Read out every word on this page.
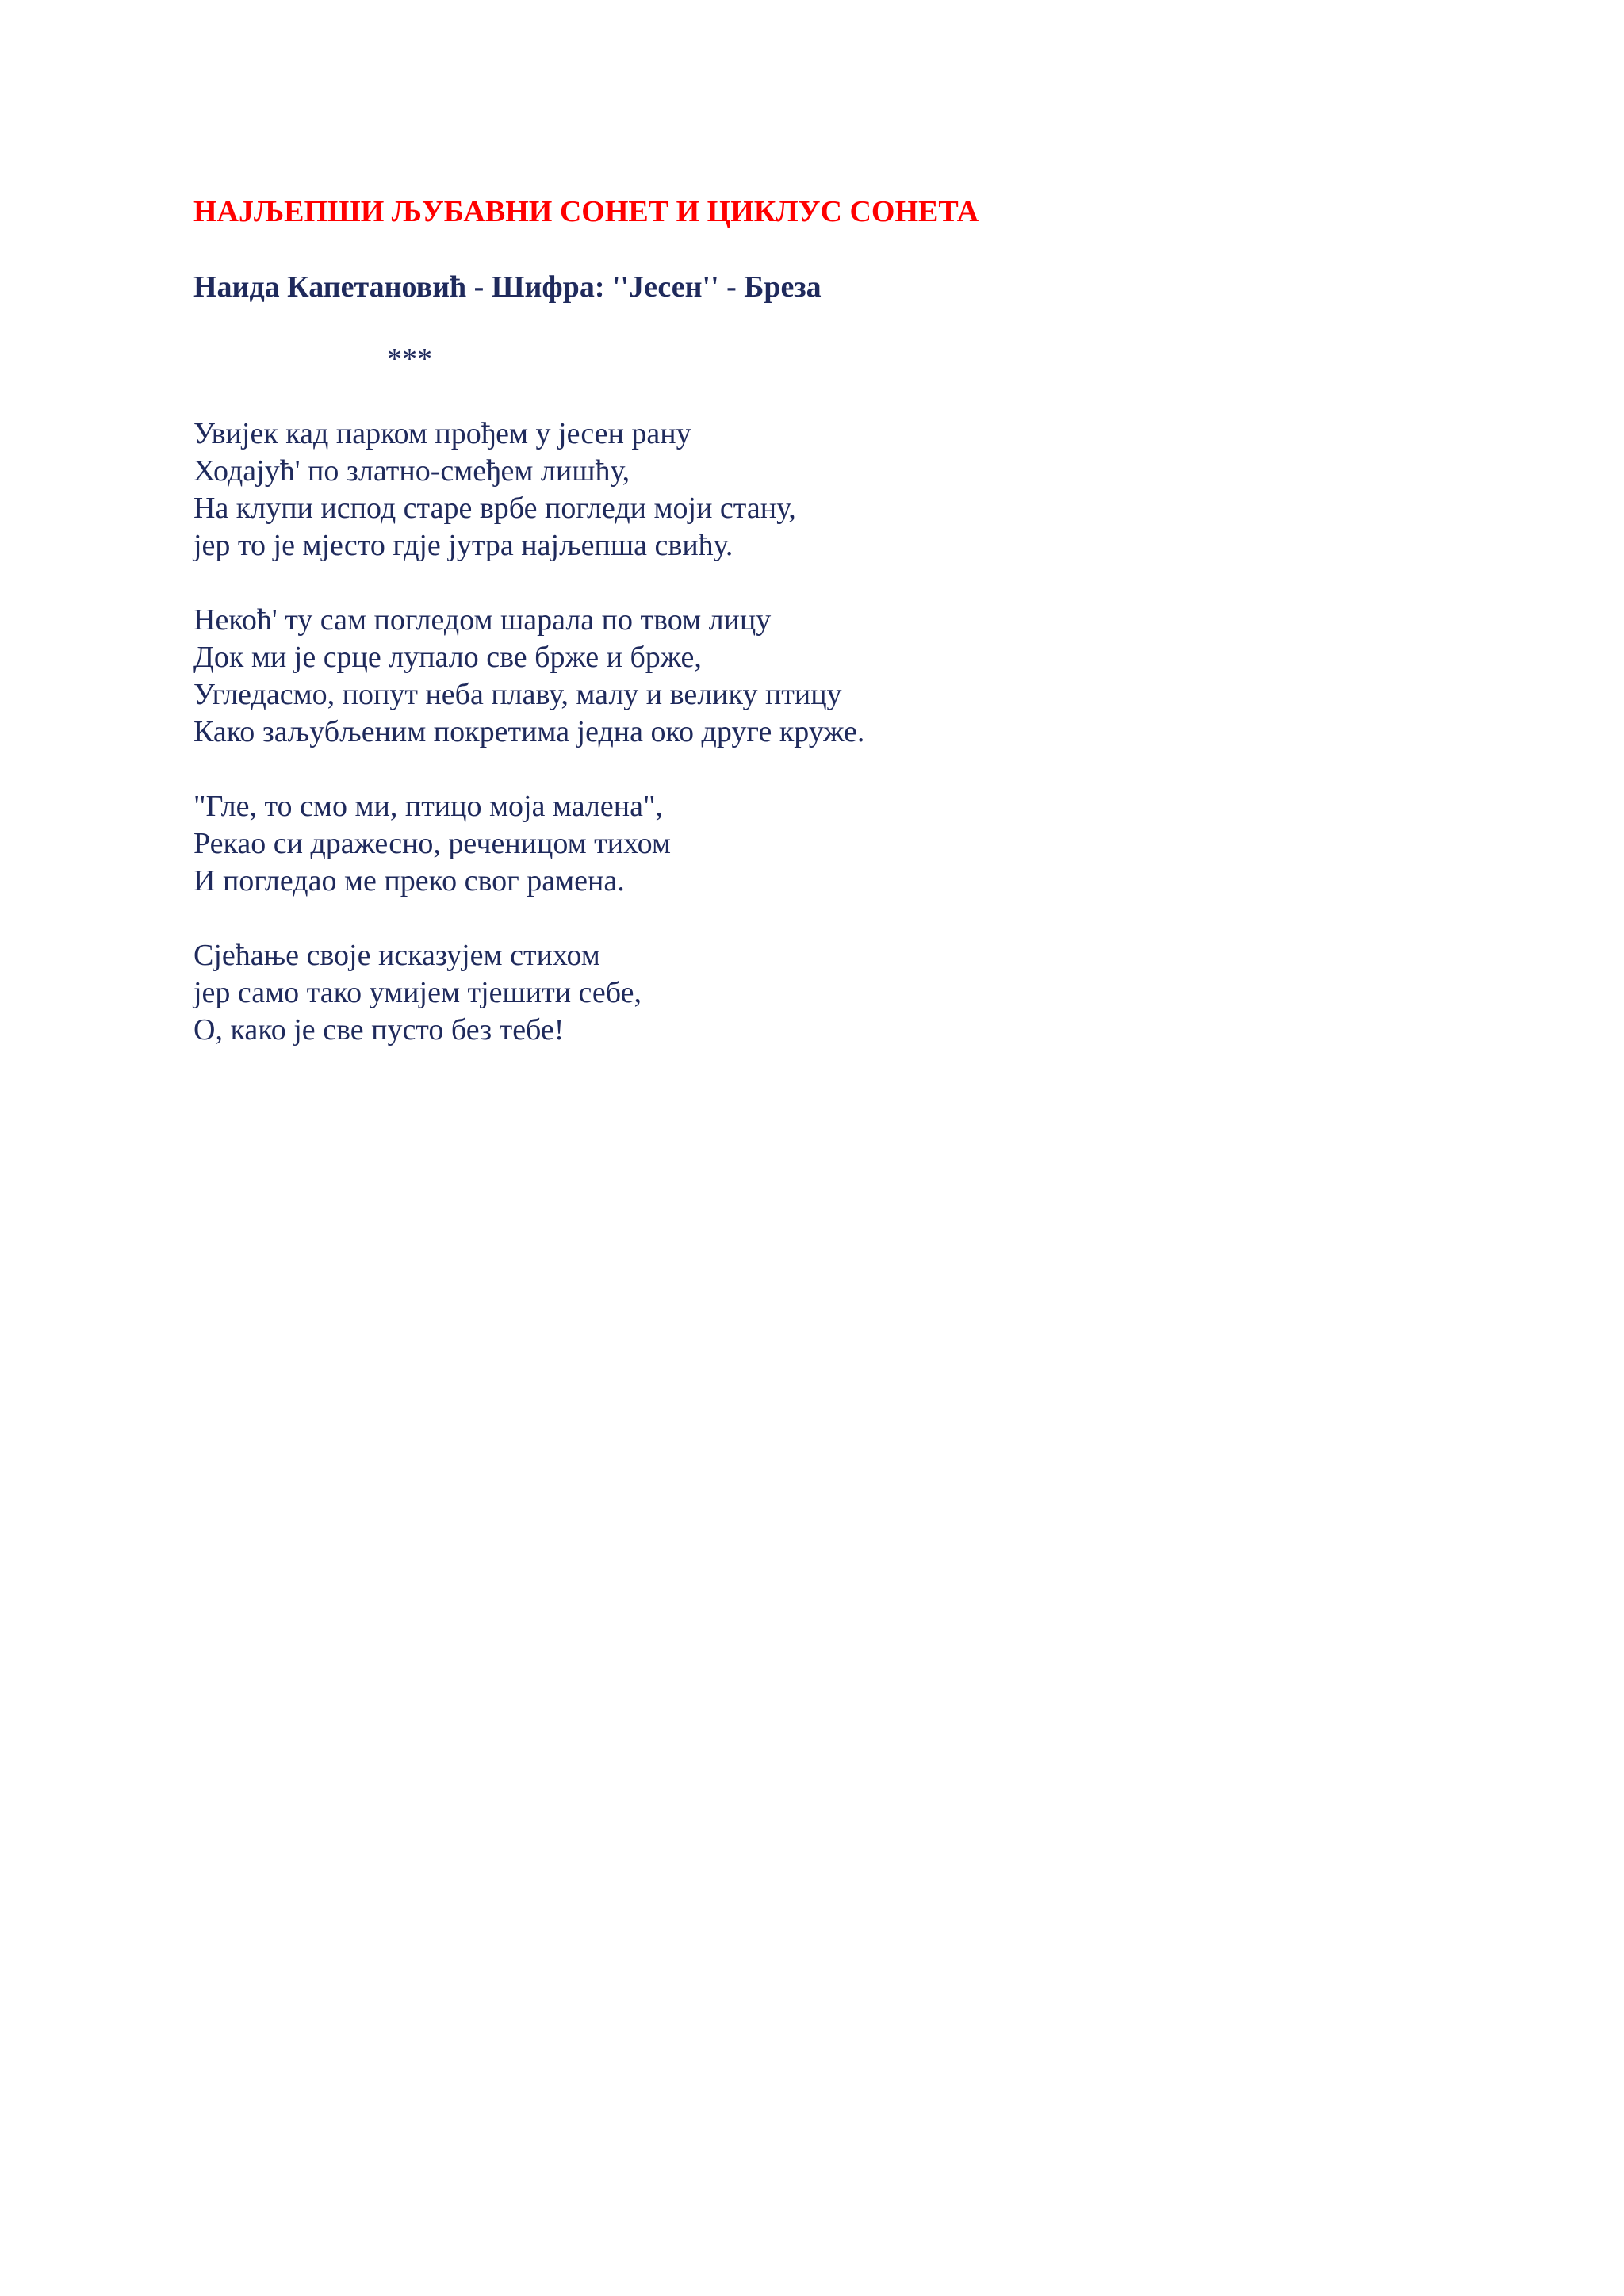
НАЈЉЕПШИ ЉУБАВНИ СОНЕТ И ЦИКЛУС СОНЕТА
Наида Капетановић - Шифра: ''Јесен'' - Бреза
***
Увијек кад парком прођем у јесен рану
Ходајућ' по златно-смеђем лишћу,
На клупи испод старе врбе погледи моји стану,
јер то је мјесто гдје јутра најљепша свићу.
Некоћ' ту сам погледом шарала по твом лицу
Док ми је срце лупало све брже и брже,
Угледасмо, попут неба плаву, малу и велику птицу
Како заљубљеним покретима једна око друге круже.
"Гле, то смо ми, птицо моја малена",
Рекао си дражесно, реченицом тихом
И погледао ме преко свог рамена.
Сјећање своје исказујем стихом
јер само тако умијем тјешити себе,
О, како је све пусто без тебе!
